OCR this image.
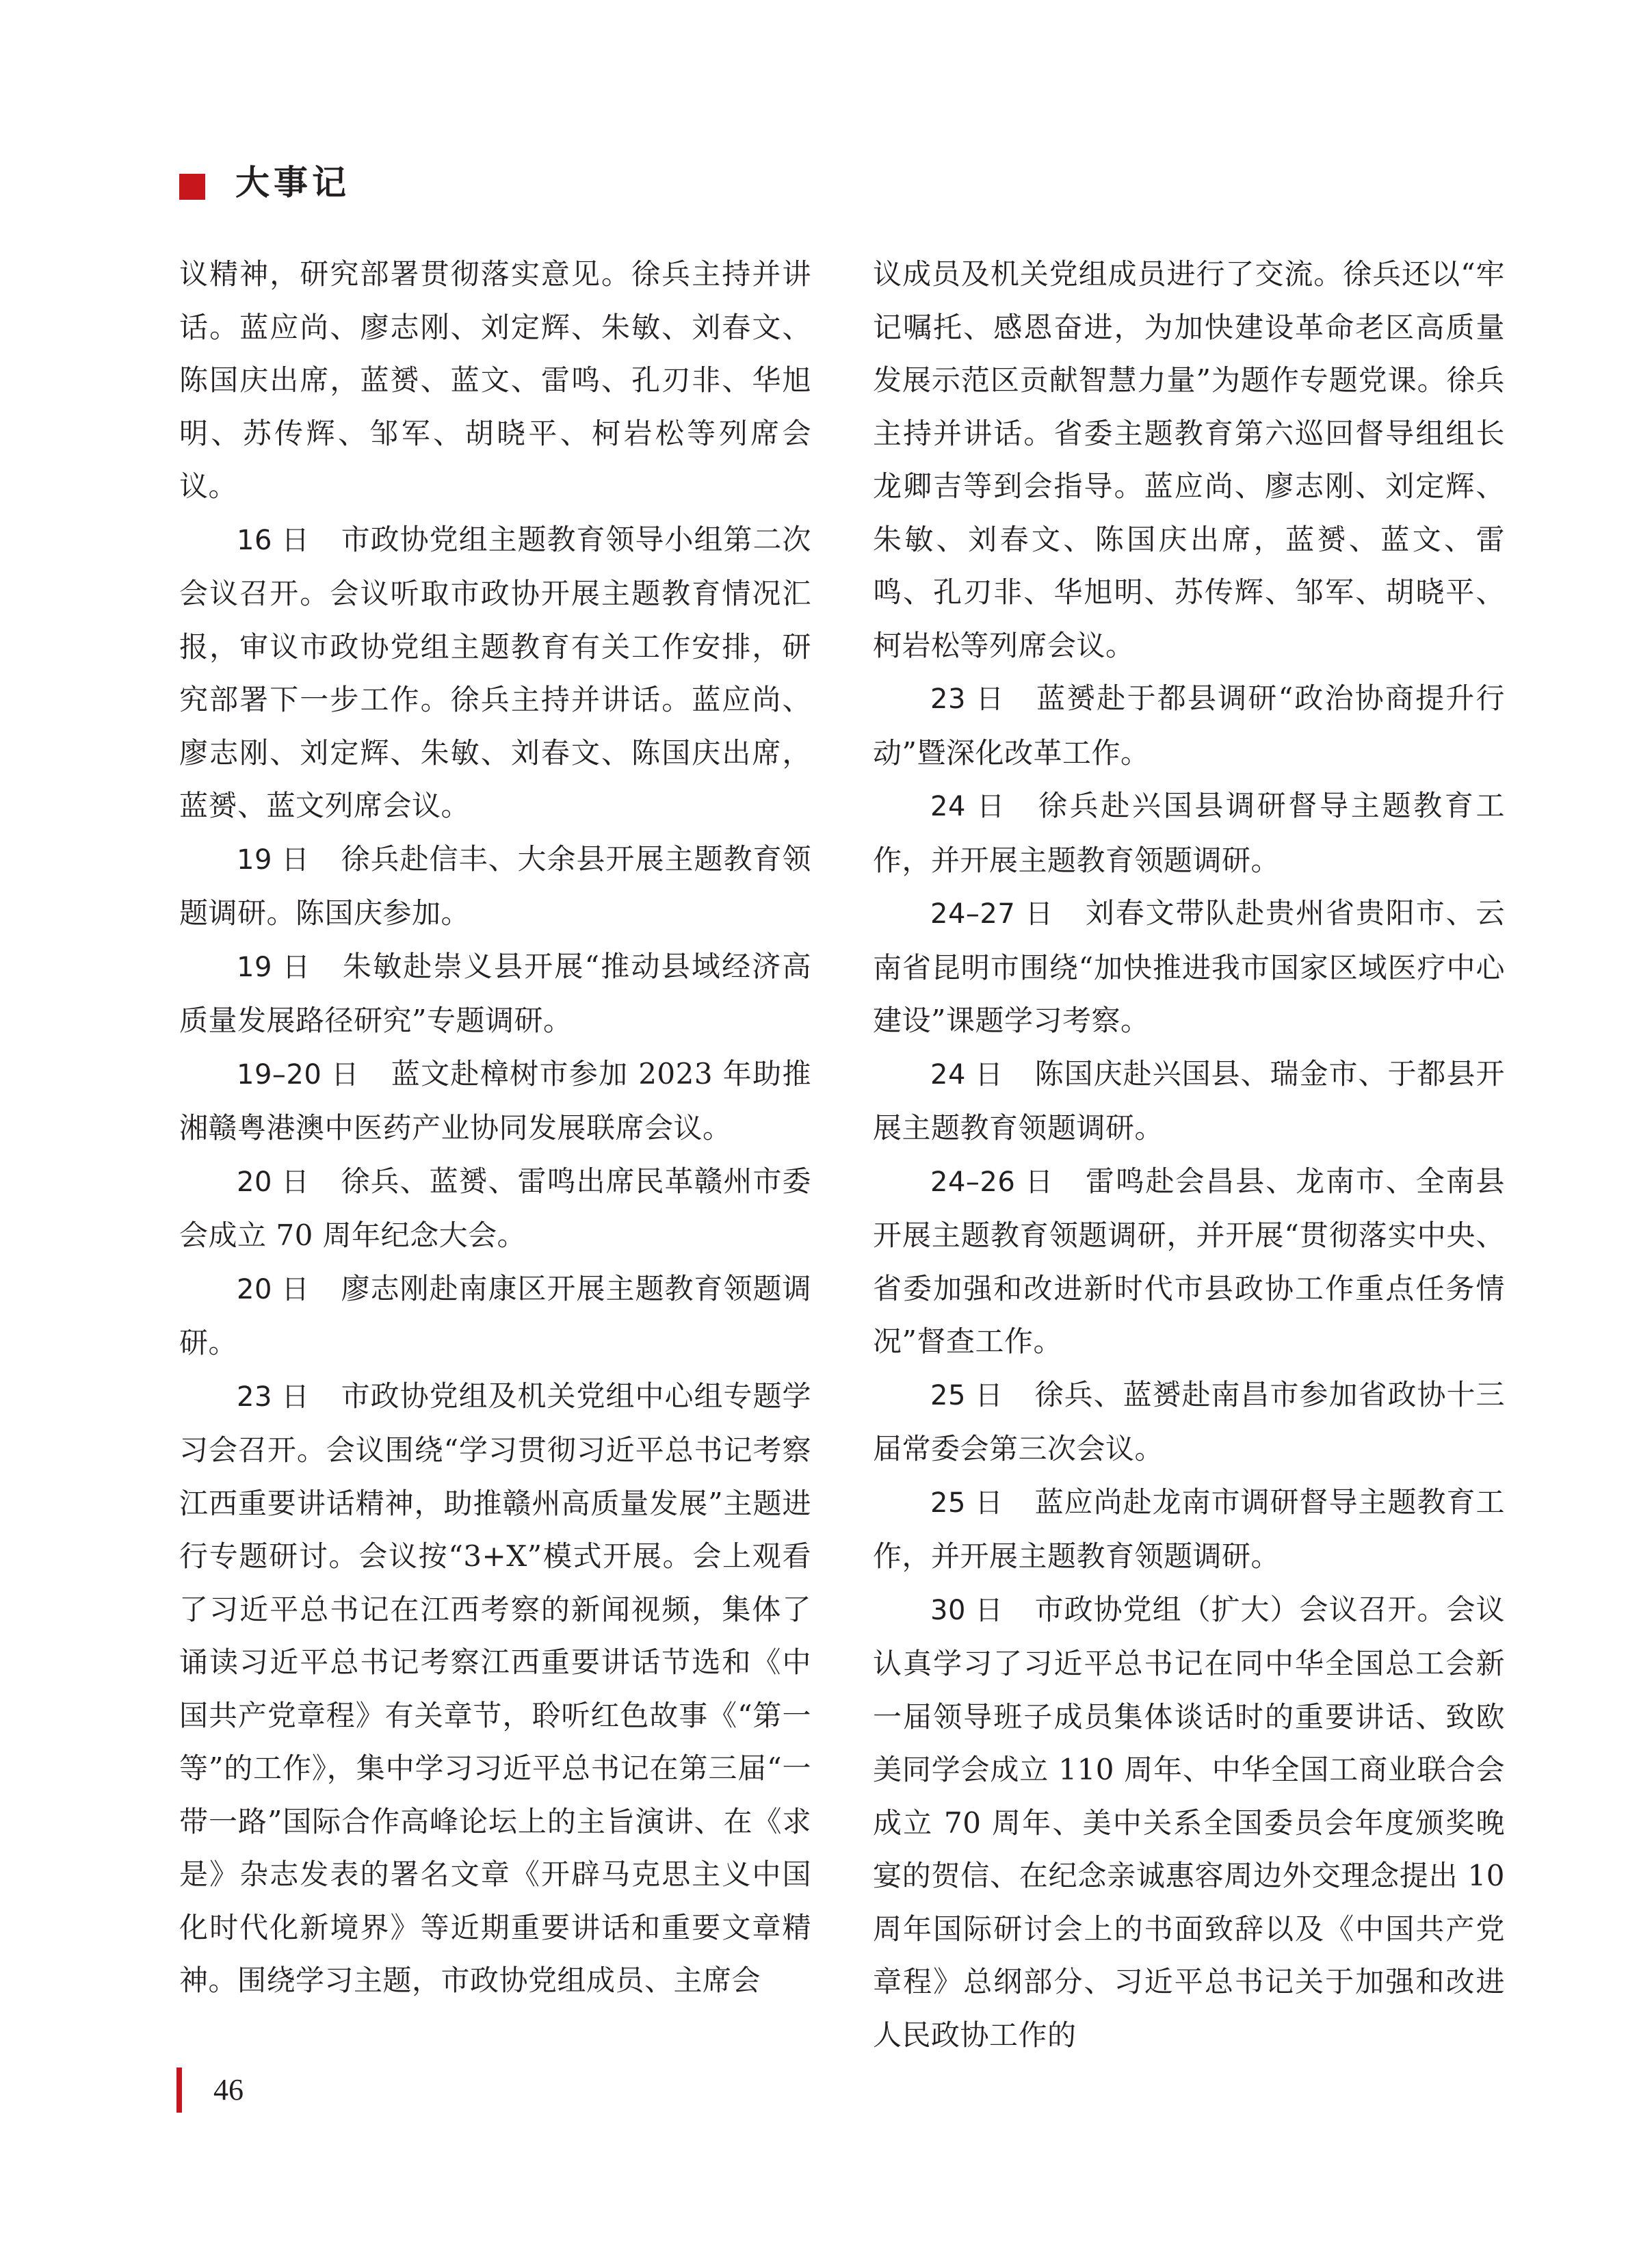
大事记

议精神，研究部署贯彻落实意见。徐兵主持并讲话。蓝应尚、廖志刚、刘定辉、朱敏、刘春文、陈国庆出席，蓝赟、蓝文、雷鸣、孔刃非、华旭明、苏传辉、邹军、胡晓平、柯岩松等列席会议。

16 日 市政协党组主题教育领导小组第二次会议召开。会议听取市政协开展主题教育情况汇报，审议市政协党组主题教育有关工作安排，研究部署下一步工作。徐兵主持并讲话。蓝应尚、廖志刚、刘定辉、朱敏、刘春文、陈国庆出席，蓝赟、蓝文列席会议。

19 日 徐兵赴信丰、大余县开展主题教育领题调研。陈国庆参加。

19 日 朱敏赴崇义县开展“推动县域经济高质量发展路径研究”专题调研。

19–20 日 蓝文赴樟树市参加 2023 年助推湘赣粤港澳中医药产业协同发展联席会议。

20 日 徐兵、蓝赟、雷鸣出席民革赣州市委会成立 70 周年纪念大会。

20 日 廖志刚赴南康区开展主题教育领题调研。

23 日 市政协党组及机关党组中心组专题学习会召开。会议围绕“学习贯彻习近平总书记考察江西重要讲话精神，助推赣州高质量发展”主题进行专题研讨。会议按“3+X”模式开展。会上观看了习近平总书记在江西考察的新闻视频，集体了诵读习近平总书记考察江西重要讲话节选和《中国共产党章程》有关章节，聆听红色故事《“第一等”的工作》，集中学习习近平总书记在第三届“一带一路”国际合作高峰论坛上的主旨演讲、在《求是》杂志发表的署名文章《开辟马克思主义中国化时代化新境界》等近期重要讲话和重要文章精神。围绕学习主题，市政协党组成员、主席会

议成员及机关党组成员进行了交流。徐兵还以“牢记嘱托、感恩奋进，为加快建设革命老区高质量发展示范区贡献智慧力量”为题作专题党课。徐兵主持并讲话。省委主题教育第六巡回督导组组长龙卿吉等到会指导。蓝应尚、廖志刚、刘定辉、朱敏、刘春文、陈国庆出席，蓝赟、蓝文、雷鸣、孔刃非、华旭明、苏传辉、邹军、胡晓平、柯岩松等列席会议。

23 日 蓝赟赴于都县调研“政治协商提升行动”暨深化改革工作。

24 日 徐兵赴兴国县调研督导主题教育工作，并开展主题教育领题调研。

24–27 日 刘春文带队赴贵州省贵阳市、云南省昆明市围绕“加快推进我市国家区域医疗中心建设”课题学习考察。

24 日 陈国庆赴兴国县、瑞金市、于都县开展主题教育领题调研。

24–26 日 雷鸣赴会昌县、龙南市、全南县开展主题教育领题调研，并开展“贯彻落实中央、省委加强和改进新时代市县政协工作重点任务情况”督查工作。

25 日 徐兵、蓝赟赴南昌市参加省政协十三届常委会第三次会议。

25 日 蓝应尚赴龙南市调研督导主题教育工作，并开展主题教育领题调研。

30 日 市政协党组（扩大）会议召开。会议认真学习了习近平总书记在同中华全国总工会新一届领导班子成员集体谈话时的重要讲话、致欧美同学会成立 110 周年、中华全国工商业联合会成立 70 周年、美中关系全国委员会年度颁奖晚宴的贺信、在纪念亲诚惠容周边外交理念提出 10 周年国际研讨会上的书面致辞以及《中国共产党章程》总纲部分、习近平总书记关于加强和改进人民政协工作的

46
